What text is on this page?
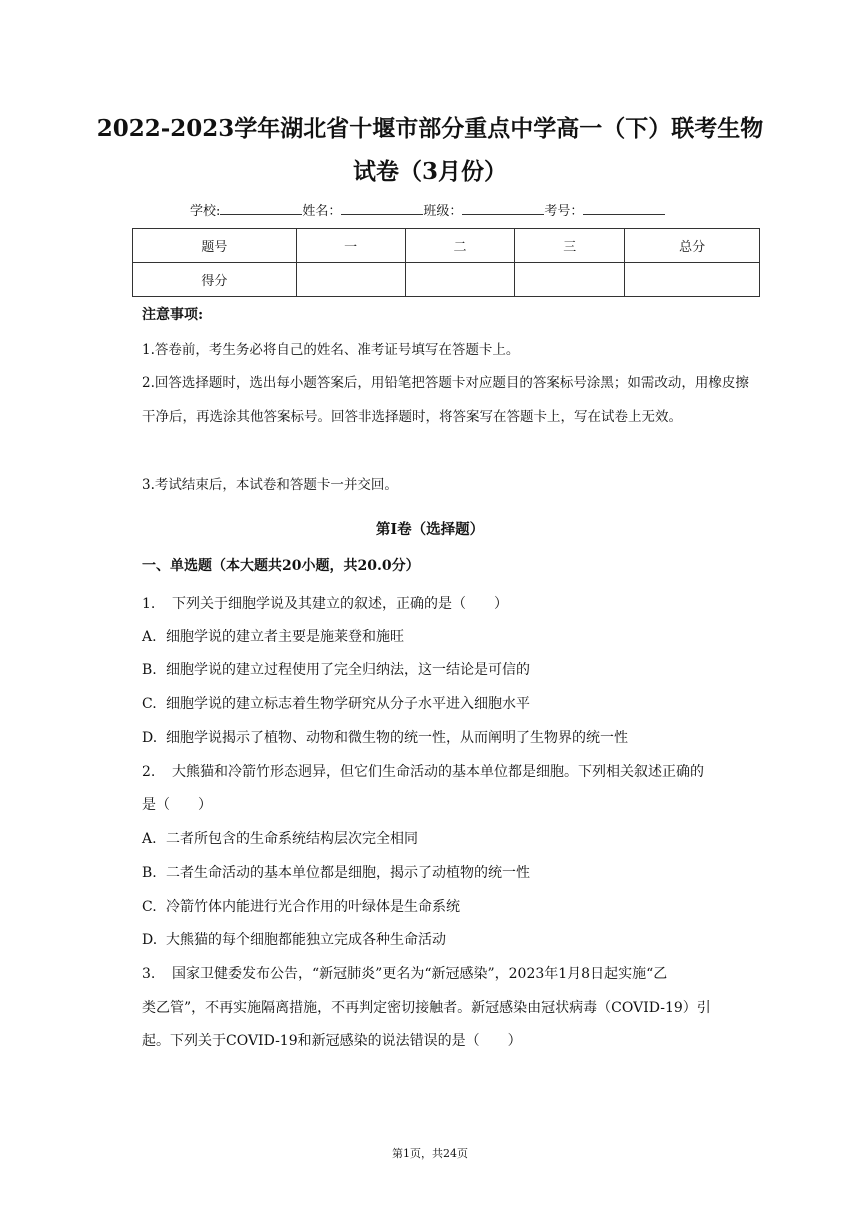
2022-2023学年湖北省十堰市部分重点中学高一（下）联考生物
试卷（3月份）
学校:	姓名：	班级：	考号：
题号	一	二	三	总分
得分				
注意事项:

1.答卷前，考生务必将自己的姓名、准考证号填写在答题卡上。

2.回答选择题时，选出每小题答案后，用铅笔把答题卡对应题目的答案标号涂黑；如需改动，用橡皮擦干净后，再选涂其他答案标号。回答非选择题时，将答案写在答题卡上，写在试卷上无效。

3.考试结束后，本试卷和答题卡一并交回。

第Ⅰ卷（选择题）
一、单选题（本大题共20小题，共20.0分）

1. 下列关于细胞学说及其建立的叙述，正确的是（　　）

A. 细胞学说的建立者主要是施莱登和施旺

B. 细胞学说的建立过程使用了完全归纳法，这一结论是可信的

C. 细胞学说的建立标志着生物学研究从分子水平进入细胞水平

D. 细胞学说揭示了植物、动物和微生物的统一性，从而阐明了生物界的统一性

2. 大熊猫和冷箭竹形态迥异，但它们生命活动的基本单位都是细胞。下列相关叙述正确的

是（　　）

A. 二者所包含的生命系统结构层次完全相同

B. 二者生命活动的基本单位都是细胞，揭示了动植物的统一性

C. 冷箭竹体内能进行光合作用的叶绿体是生命系统

D. 大熊猫的每个细胞都能独立完成各种生命活动

3. 国家卫健委发布公告，“新冠肺炎”更名为“新冠感染”，2023年1月8日起实施“乙

类乙管”，不再实施隔离措施，不再判定密切接触者。新冠感染由冠状病毒（COVID-19）引

起。下列关于COVID-19和新冠感染的说法错误的是（　　）

第1页，共24页
